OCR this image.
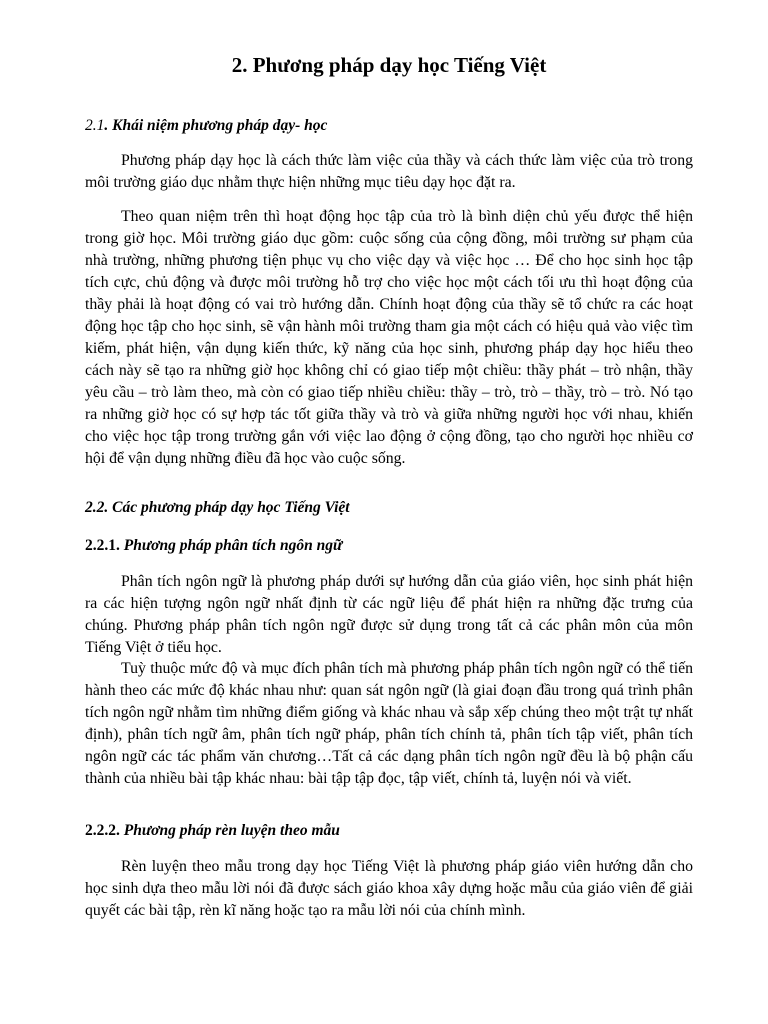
2. Phương pháp dạy học Tiếng Việt
2.1. Khái niệm phương pháp dạy- học

Phương pháp dạy học là cách thức làm việc của thầy và cách thức làm việc của trò trong môi trường giáo dục nhằm thực hiện những mục tiêu dạy học đặt ra.

Theo quan niệm trên thì hoạt động học tập của trò là bình diện chủ yếu được thể hiện trong giờ học. Môi trường giáo dục gồm: cuộc sống của cộng đồng, môi trường sư phạm của nhà trường, những phương tiện phục vụ cho việc dạy và việc học … Để cho học sinh học tập tích cực, chủ động và được môi trường hỗ trợ cho việc học một cách tối ưu thì hoạt động của thầy phải là hoạt động có vai trò hướng dẫn. Chính hoạt động của thầy sẽ tổ chức ra các hoạt động học tập cho học sinh, sẽ vận hành môi trường tham gia một cách có hiệu quả vào việc tìm kiếm, phát hiện, vận dụng kiến thức, kỹ năng của học sinh, phương pháp dạy học hiểu theo cách này sẽ tạo ra những giờ học không chỉ có giao tiếp một chiều: thầy phát – trò nhận, thầy yêu cầu – trò làm theo, mà còn có giao tiếp nhiều chiều: thầy – trò, trò – thầy, trò – trò. Nó tạo ra những giờ học có sự hợp tác tốt giữa thầy và trò và giữa những người học với nhau, khiến cho việc học tập trong trường gắn với việc lao động ở cộng đồng, tạo cho người học nhiều cơ hội để vận dụng những điều đã học vào cuộc sống.

2.2. Các phương pháp dạy học Tiếng Việt
2.2.1. Phương pháp phân tích ngôn ngữ

Phân tích ngôn ngữ là phương pháp dưới sự hướng dẫn của giáo viên, học sinh phát hiện ra các hiện tượng ngôn ngữ nhất định từ các ngữ liệu để phát hiện ra những đặc trưng của chúng. Phương pháp phân tích ngôn ngữ được sử dụng trong tất cả các phân môn của môn Tiếng Việt ở tiểu học.

Tuỳ thuộc mức độ và mục đích phân tích mà phương pháp phân tích ngôn ngữ có thể tiến hành theo các mức độ khác nhau như: quan sát ngôn ngữ (là giai đoạn đầu trong quá trình phân tích ngôn ngữ nhằm tìm những điểm giống và khác nhau và sắp xếp chúng theo một trật tự nhất định), phân tích ngữ âm, phân tích ngữ pháp, phân tích chính tả, phân tích tập viết, phân tích ngôn ngữ các tác phẩm văn chương…Tất cả các dạng phân tích ngôn ngữ đều là bộ phận cấu thành của nhiều bài tập khác nhau: bài tập tập đọc, tập viết, chính tả, luyện nói và viết.

2.2.2. Phương pháp rèn luyện theo mẫu

Rèn luyện theo mẫu trong dạy học Tiếng Việt là phương pháp giáo viên hướng dẫn cho học sinh dựa theo mẫu lời nói đã được sách giáo khoa xây dựng hoặc mẫu của giáo viên để giải quyết các bài tập, rèn kĩ năng hoặc tạo ra mẫu lời nói của chính mình.
